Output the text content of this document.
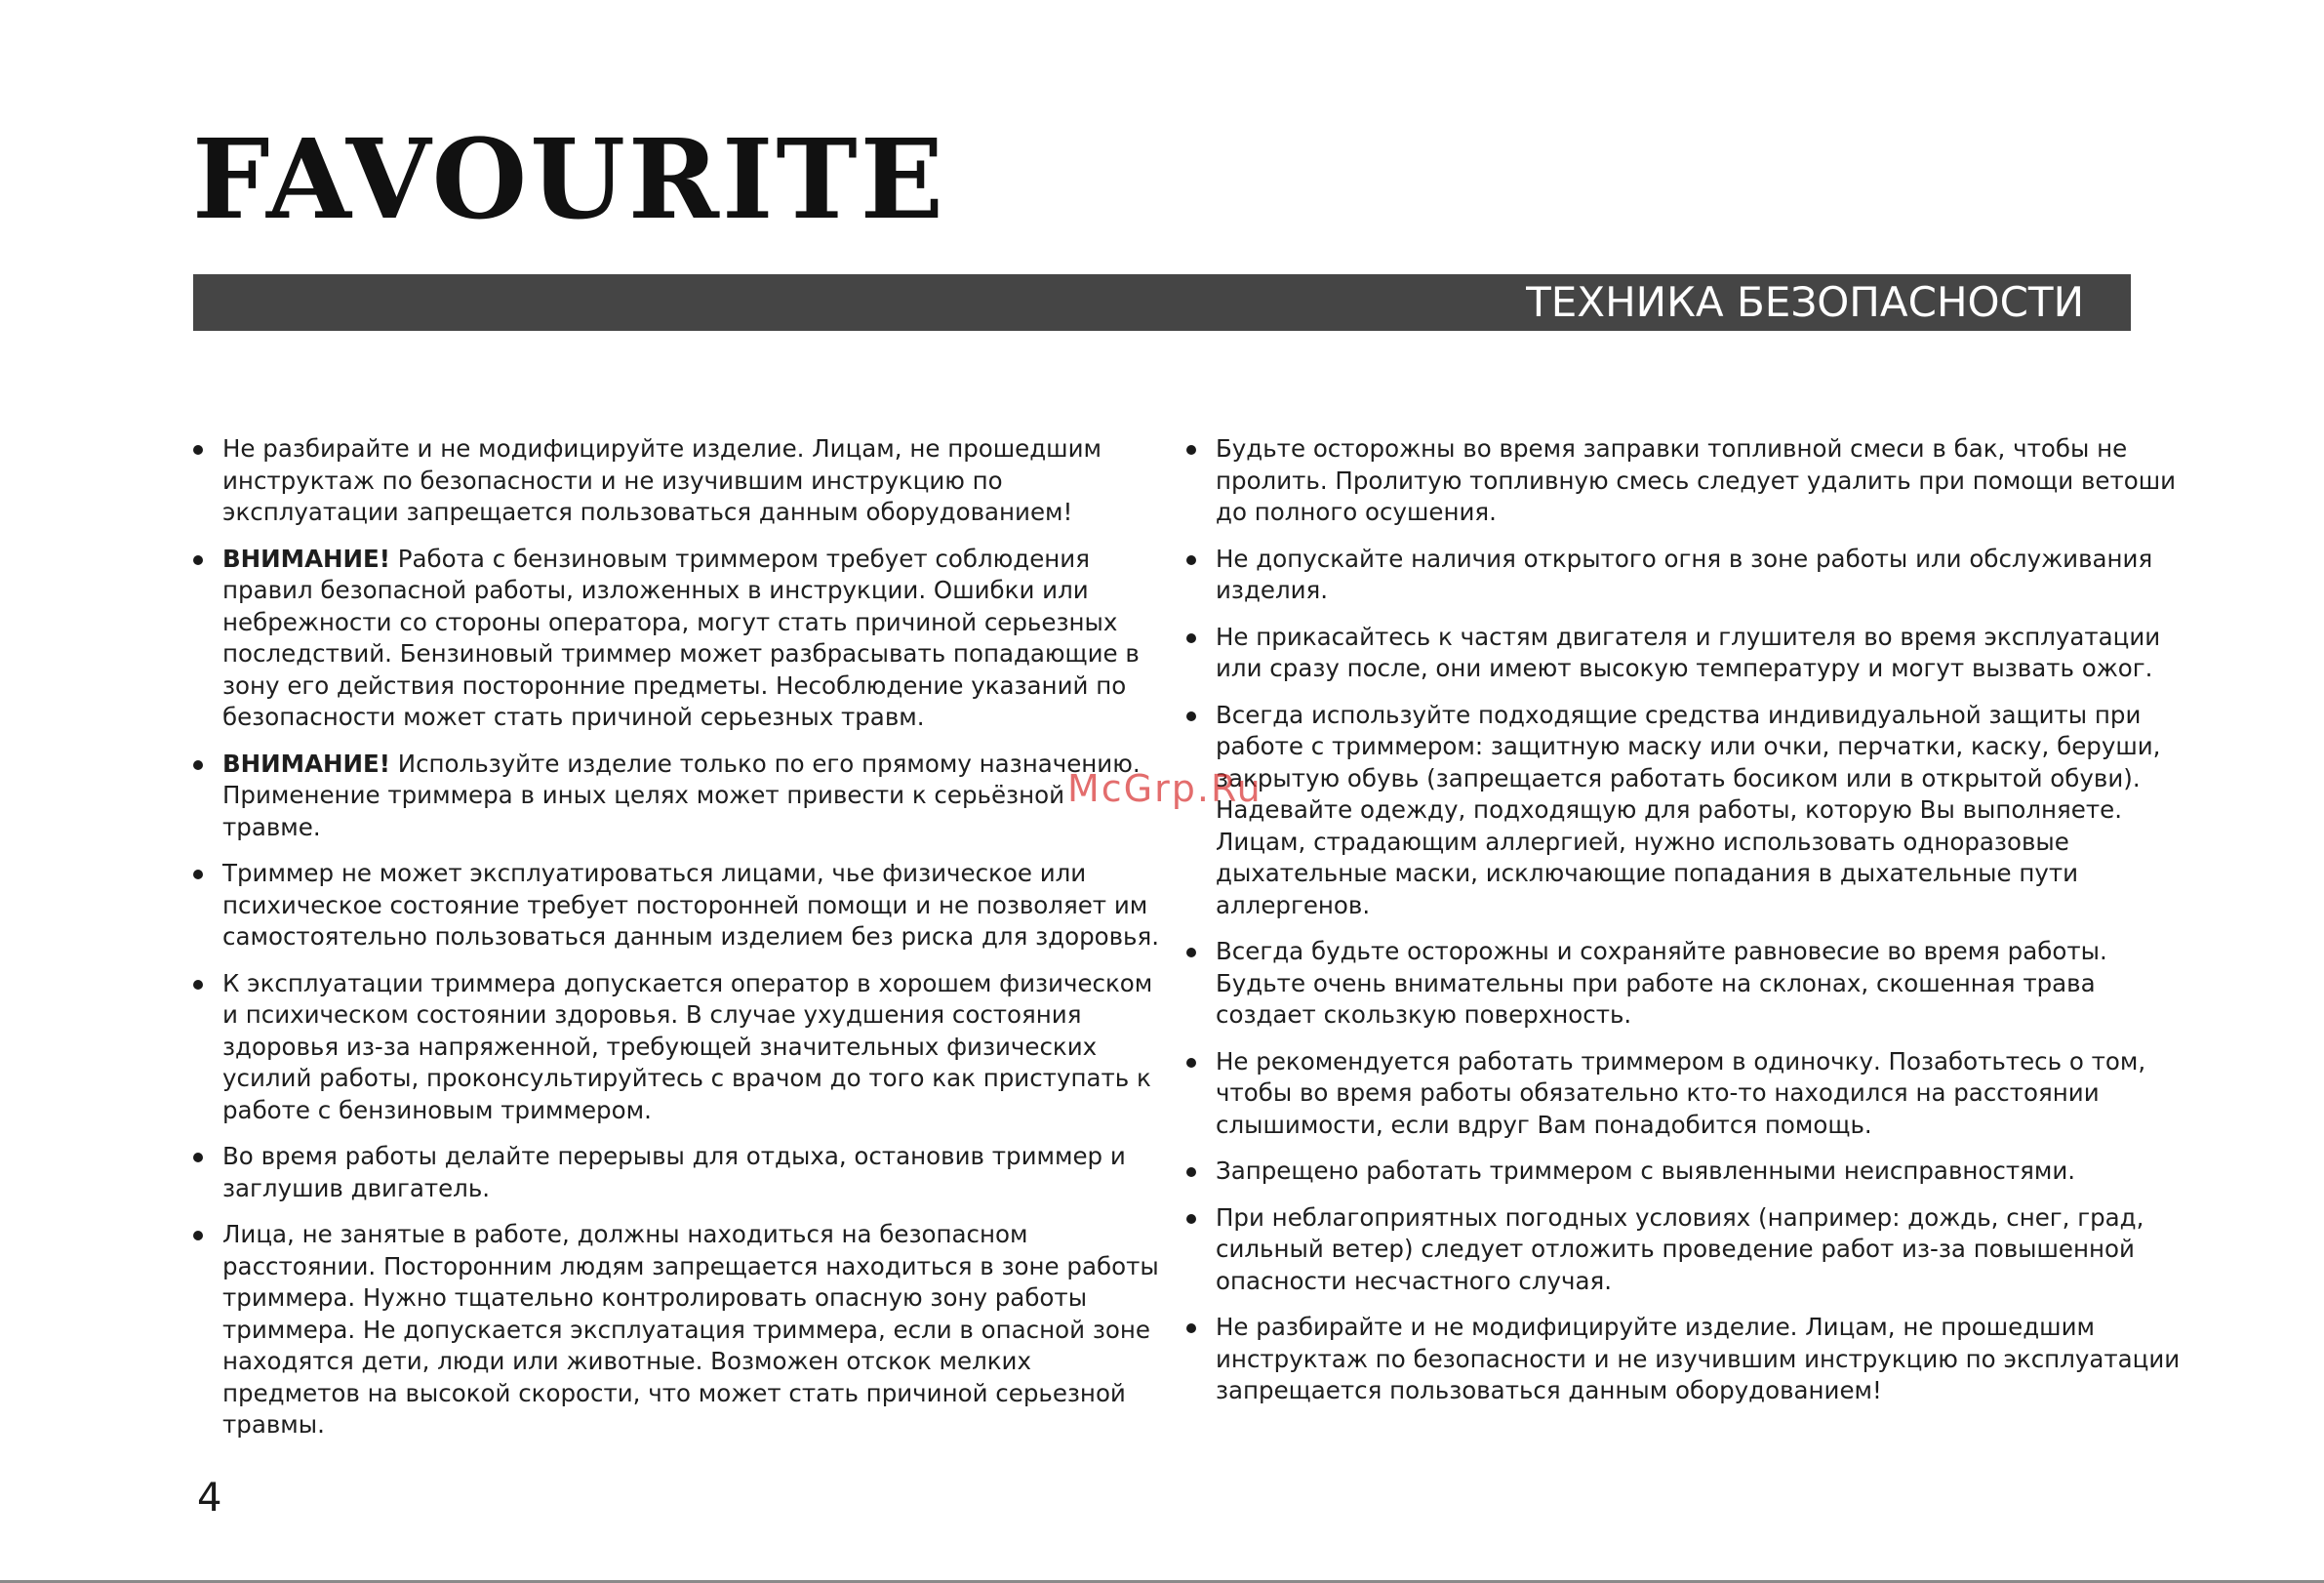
FAVOURITE
ТЕХНИКА БЕЗОПАСНОСТИ
Не разбирайте и не модифицируйте изделие. Лицам, не прошедшим инструктаж по безопасности и не изучившим инструкцию по эксплуатации запрещается пользоваться данным оборудованием!
ВНИМАНИЕ! Работа с бензиновым триммером требует соблюдения правил безопасной работы, изложенных в инструкции. Ошибки или небрежности со стороны оператора, могут стать причиной серьезных последствий. Бензиновый триммер может разбрасывать попадающие в зону его действия посторонние предметы. Несоблюдение указаний по безопасности может стать причиной серьезных травм.
ВНИМАНИЕ! Используйте изделие только по его прямому назначению. Применение триммера в иных целях может привести к серьёзной травме.
Триммер не может эксплуатироваться лицами, чье физическое или психическое состояние требует посторонней помощи и не позволяет им самостоятельно пользоваться данным изделием без риска для здоровья.
К эксплуатации триммера допускается оператор в хорошем физическом и психическом состоянии здоровья. В случае ухудшения состояния здоровья из-за напряженной, требующей значительных физических усилий работы, проконсультируйтесь с врачом до того как приступать к работе с бензиновым триммером.
Во время работы делайте перерывы для отдыха, остановив триммер и заглушив двигатель.
Лица, не занятые в работе, должны находиться на безопасном расстоянии. Посторонним людям запрещается находиться в зоне работы триммера. Нужно тщательно контролировать опасную зону работы триммера. Не допускается эксплуатация триммера, если в опасной зоне находятся дети, люди или животные. Возможен отскок мелких предметов на высокой скорости, что может стать причиной серьезной травмы.
Будьте осторожны во время заправки топливной смеси в бак, чтобы не пролить. Пролитую топливную смесь следует удалить при помощи ветоши до полного осушения.
Не допускайте наличия открытого огня в зоне работы или обслуживания изделия.
Не прикасайтесь к частям двигателя и глушителя во время эксплуатации или сразу после, они имеют высокую температуру и могут вызвать ожог.
Всегда используйте подходящие средства индивидуальной защиты при работе с триммером: защитную маску или очки, перчатки, каску, беруши, закрытую обувь (запрещается работать босиком или в открытой обуви). Надевайте одежду, подходящую для работы, которую Вы выполняете. Лицам, страдающим аллергией, нужно использовать одноразовые дыхательные маски, исключающие попадания в дыхательные пути аллергенов.
Всегда будьте осторожны и сохраняйте равновесие во время работы. Будьте очень внимательны при работе на склонах, скошенная трава создает скользкую поверхность.
Не рекомендуется работать триммером в одиночку. Позаботьтесь о том, чтобы во время работы обязательно кто-то находился на расстоянии слышимости, если вдруг Вам понадобится помощь.
Запрещено работать триммером с выявленными неисправностями.
При неблагоприятных погодных условиях (например: дождь, снег, град, сильный ветер) следует отложить проведение работ из-за повышенной опасности несчастного случая.
Не разбирайте и не модифицируйте изделие. Лицам, не прошедшим инструктаж по безопасности и не изучившим инструкцию по эксплуатации запрещается пользоваться данным оборудованием!
McGrp.Ru
4
